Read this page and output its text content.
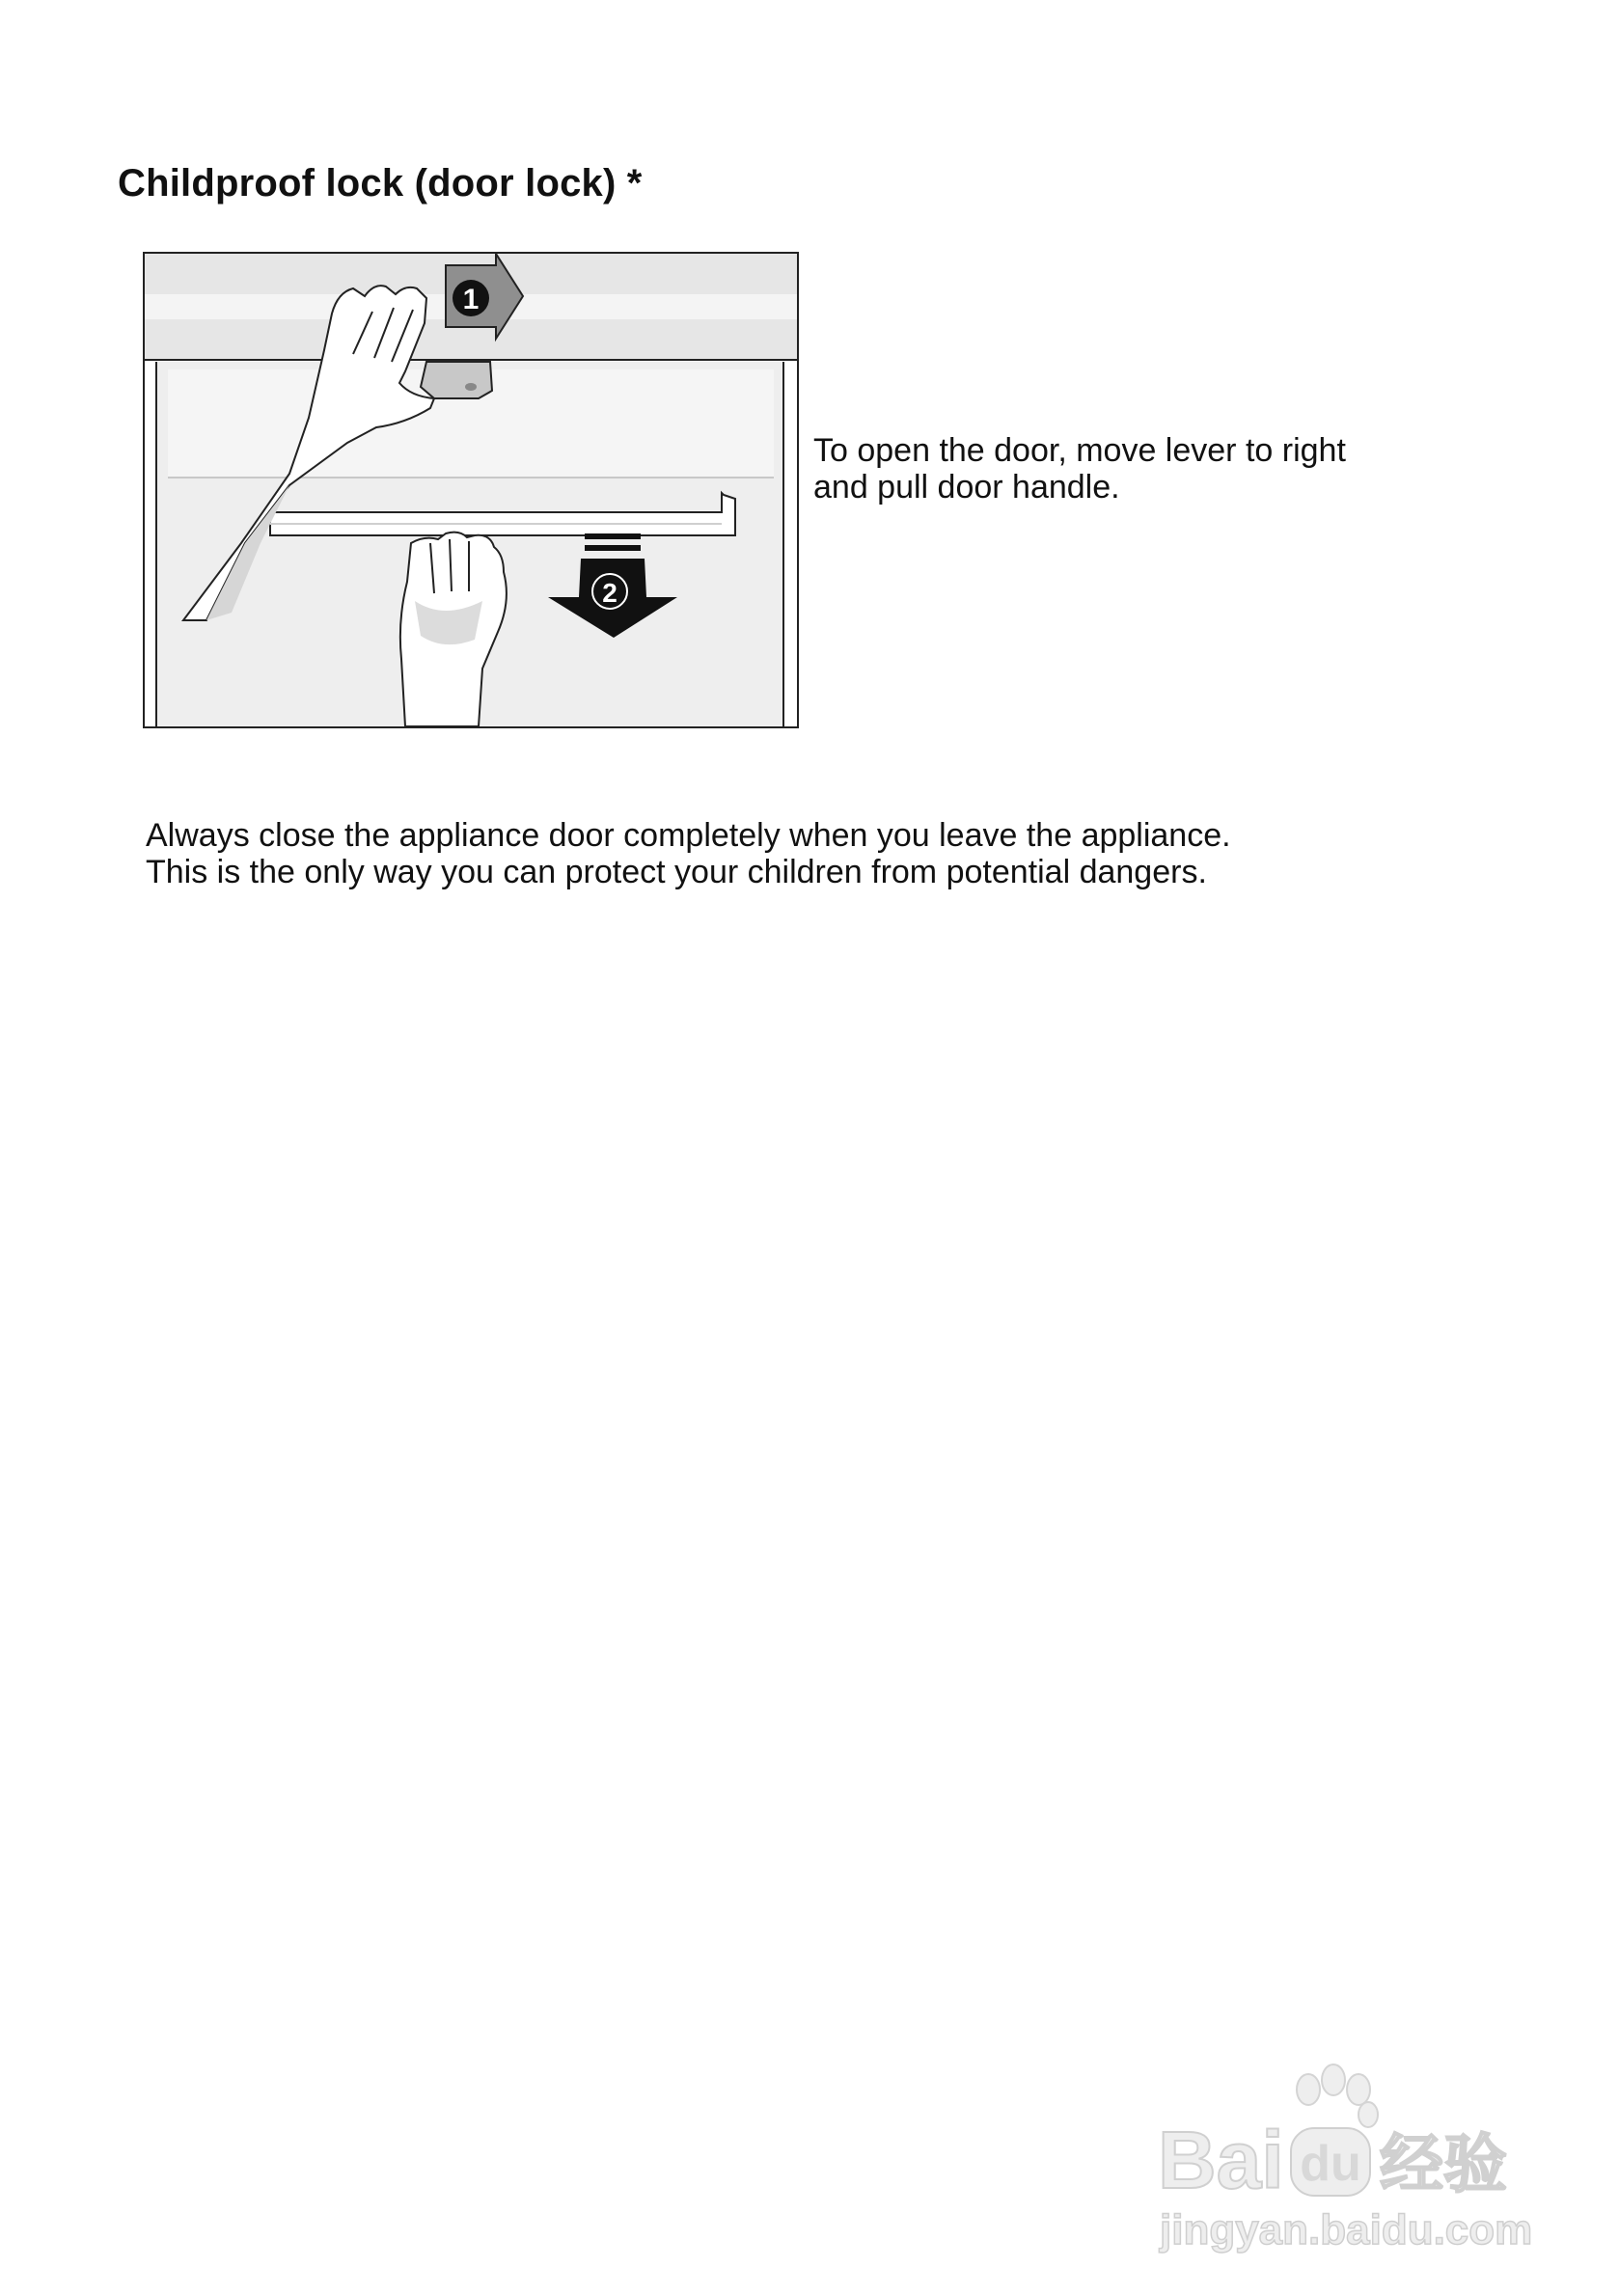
Childproof lock (door lock) *
1
2

To open the door, move lever to right
and pull door handle.

Always close the appliance door completely when you leave the appliance.
This is the only way you can protect your children from potential dangers.

Bai du 经验
jingyan.baidu.com
